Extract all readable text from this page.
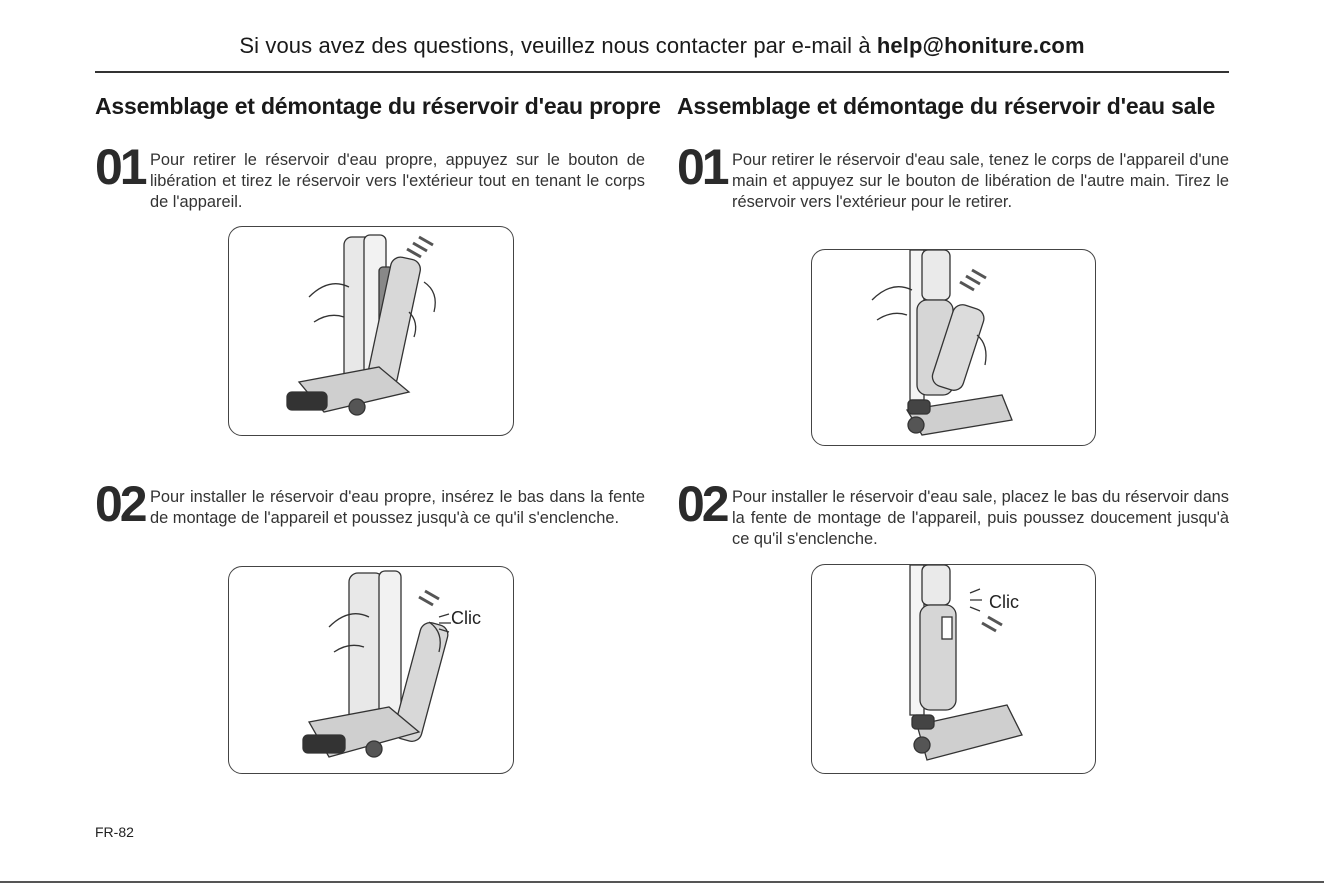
Si vous avez des questions, veuillez nous contacter par e-mail à help@honiture.com
Assemblage et démontage du réservoir d'eau propre
01 Pour retirer le réservoir d'eau propre, appuyez sur le bouton de libération et tirez le réservoir vers l'extérieur tout en tenant le corps de l'appareil.
02 Pour installer le réservoir d'eau propre, insérez le bas dans la fente de montage de l'appareil et poussez jusqu'à ce qu'il s'enclenche.
Clic
Assemblage et démontage du réservoir d'eau sale
01 Pour retirer le réservoir d'eau sale, tenez le corps de l'appareil d'une main et appuyez sur le bouton de libération de l'autre main. Tirez le réservoir vers l'extérieur pour le retirer.
02 Pour installer le réservoir d'eau sale, placez le bas du réservoir dans la fente de montage de l'appareil, puis poussez doucement jusqu'à ce qu'il s'enclenche.
Clic
FR-82
